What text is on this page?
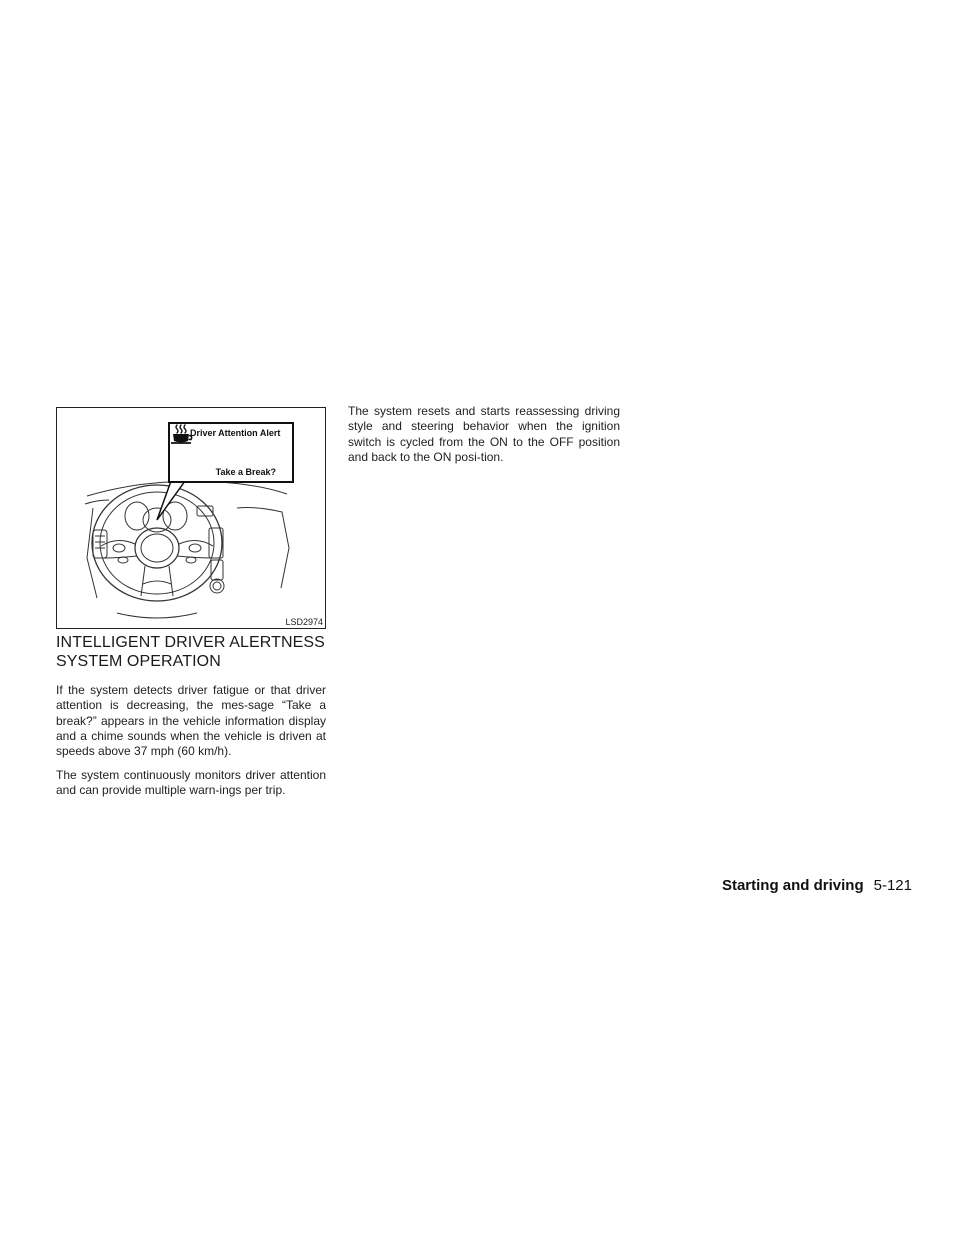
Driver Attention Alert
Take a Break?
LSD2974
INTELLIGENT DRIVER ALERTNESS SYSTEM OPERATION

If the system detects driver fatigue or that driver attention is decreasing, the mes-sage “Take a break?” appears in the vehicle information display and a chime sounds when the vehicle is driven at speeds above 37 mph (60 km/h).

The system continuously monitors driver attention and can provide multiple warn-ings per trip.

The system resets and starts reassessing driving style and steering behavior when the ignition switch is cycled from the ON to the OFF position and back to the ON posi-tion.

Starting and driving 5-121
